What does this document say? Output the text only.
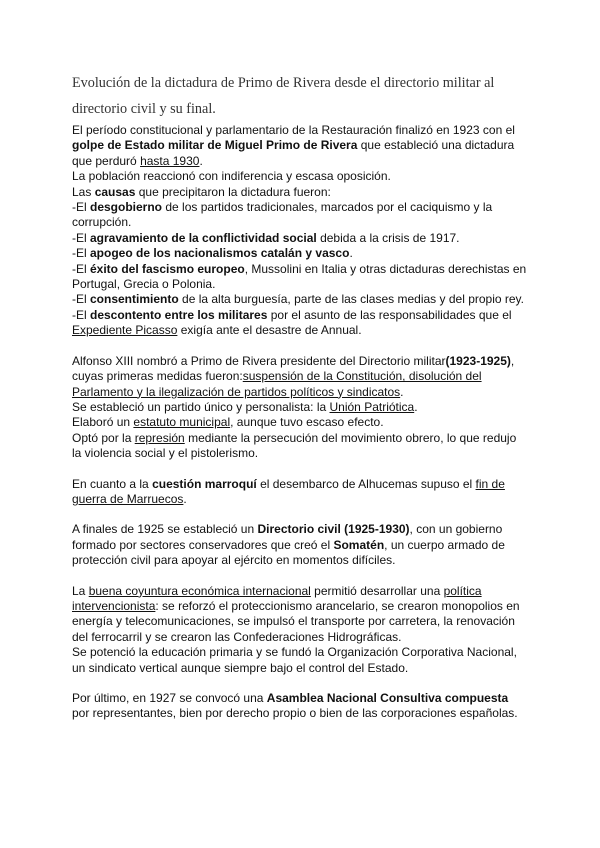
Evolución de la dictadura de Primo de Rivera desde el directorio militar al directorio civil y su final.

El período constitucional y parlamentario de la Restauración finalizó en 1923 con el golpe de Estado militar de Miguel Primo de Rivera que estableció una dictadura que perduró hasta 1930.

La población reaccionó con indiferencia y escasa oposición.

Las causas que precipitaron la dictadura fueron:

-El desgobierno de los partidos tradicionales, marcados por el caciquismo y la corrupción.

-El agravamiento de la conflictividad social debida a la crisis de 1917.

-El apogeo de los nacionalismos catalán y vasco.

-El éxito del fascismo europeo, Mussolini en Italia y otras dictaduras derechistas en Portugal, Grecia o Polonia.

-El consentimiento de la alta burguesía, parte de las clases medias y del propio rey.

-El descontento entre los militares por el asunto de las responsabilidades que el Expediente Picasso exigía ante el desastre de Annual.

Alfonso XIII nombró a Primo de Rivera presidente del Directorio militar(1923-1925), cuyas primeras medidas fueron:suspensión de la Constitución, disolución del Parlamento y la ilegalización de partidos políticos y sindicatos.

Se estableció un partido único y personalista: la Unión Patriótica.

Elaboró un estatuto municipal, aunque tuvo escaso efecto.

Optó por la represión mediante la persecución del movimiento obrero, lo que redujo la violencia social y el pistolerismo.

En cuanto a la cuestión marroquí el desembarco de Alhucemas supuso el fin de guerra de Marruecos.

A finales de 1925 se estableció un Directorio civil (1925-1930), con un gobierno formado por sectores conservadores que creó el Somatén, un cuerpo armado de protección civil para apoyar al ejército en momentos difíciles.

La buena coyuntura económica internacional permitió desarrollar una política intervencionista: se reforzó el proteccionismo arancelario, se crearon monopolios en energía y telecomunicaciones, se impulsó el transporte por carretera, la renovación del ferrocarril y se crearon las Confederaciones Hidrográficas.

Se potenció la educación primaria y se fundó la Organización Corporativa Nacional, un sindicato vertical aunque siempre bajo el control del Estado.

Por último, en 1927 se convocó una Asamblea Nacional Consultiva compuesta por representantes, bien por derecho propio o bien de las corporaciones españolas.
